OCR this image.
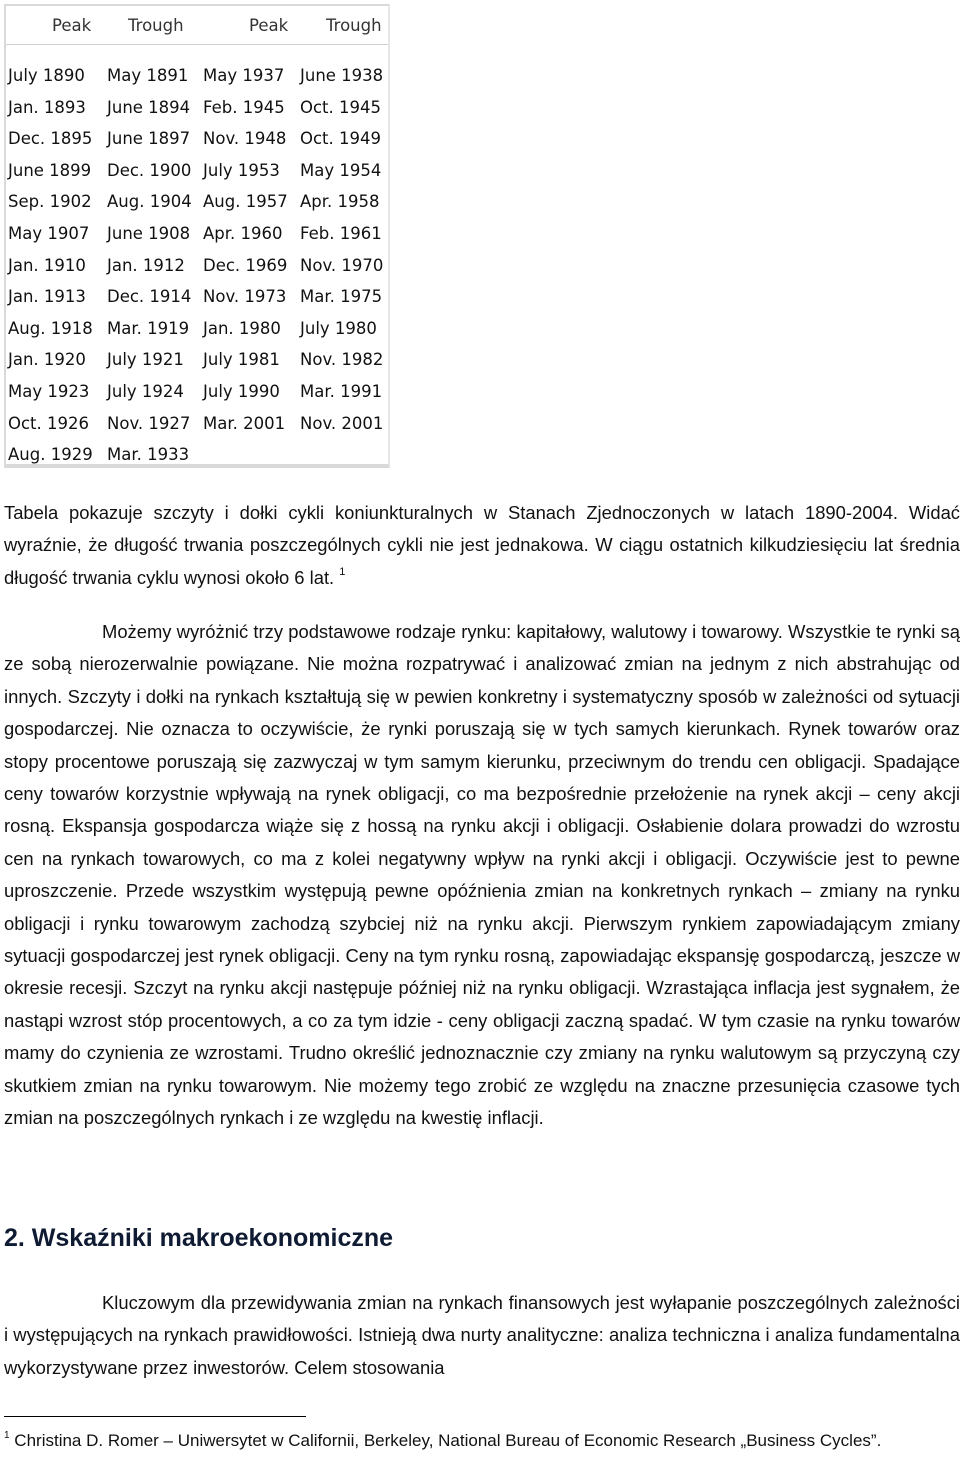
Peak Trough	Peak Trough
July 1890 May 1891 May 1937 June 1938
Jan. 1893 June 1894 Feb. 1945 Oct. 1945
Dec. 1895 June 1897 Nov. 1948 Oct. 1949
June 1899 Dec. 1900 July 1953 May 1954
Sep. 1902 Aug. 1904 Aug. 1957 Apr. 1958
May 1907 June 1908 Apr. 1960 Feb. 1961
Jan. 1910 Jan. 1912 Dec. 1969 Nov. 1970
Jan. 1913 Dec. 1914 Nov. 1973 Mar. 1975
Aug. 1918 Mar. 1919 Jan. 1980 July 1980
Jan. 1920 July 1921 July 1981 Nov. 1982
May 1923 July 1924 July 1990 Mar. 1991
Oct. 1926 Nov. 1927 Mar. 2001 Nov. 2001
Aug. 1929 Mar. 1933
Tabela pokazuje szczyty i dołki cykli koniunkturalnych w Stanach Zjednoczonych w latach 1890-2004. Widać wyraźnie, że długość trwania poszczególnych cykli nie jest jednakowa. W ciągu ostatnich kilkudziesięciu lat średnia długość trwania cyklu wynosi około 6 lat. $^1$
Możemy wyróżnić trzy podstawowe rodzaje rynku: kapitałowy, walutowy i towarowy. Wszystkie te rynki są ze sobą nierozerwalnie powiązane. Nie można rozpatrywać i analizować zmian na jednym z nich abstrahując od innych. Szczyty i dołki na rynkach kształtują się w pewien konkretny i systematyczny sposób w zależności od sytuacji gospodarczej. Nie oznacza to oczywiście, że rynki poruszają się w tych samych kierunkach. Rynek towarów oraz stopy procentowe poruszają się zazwyczaj w tym samym kierunku, przeciwnym do trendu cen obligacji. Spadające ceny towarów korzystnie wpływają na rynek obligacji, co ma bezpośrednie przełożenie na rynek akcji – ceny akcji rosną. Ekspansja gospodarcza wiąże się z hossą na rynku akcji i obligacji. Osłabienie dolara prowadzi do wzrostu cen na rynkach towarowych, co ma z kolei negatywny wpływ na rynki akcji i obligacji. Oczywiście jest to pewne uproszczenie. Przede wszystkim występują pewne opóźnienia zmian na konkretnych rynkach – zmiany na rynku obligacji i rynku towarowym zachodzą szybciej niż na rynku akcji. Pierwszym rynkiem zapowiadającym zmiany sytuacji gospodarczej jest rynek obligacji. Ceny na tym rynku rosną, zapowiadając ekspansję gospodarczą, jeszcze w okresie recesji. Szczyt na rynku akcji następuje później niż na rynku obligacji. Wzrastająca inflacja jest sygnałem, że nastąpi wzrost stóp procentowych, a co za tym idzie - ceny obligacji zaczną spadać. W tym czasie na rynku towarów mamy do czynienia ze wzrostami. Trudno określić jednoznacznie czy zmiany na rynku walutowym są przyczyną czy skutkiem zmian na rynku towarowym. Nie możemy tego zrobić ze względu na znaczne przesunięcia czasowe tych zmian na poszczególnych rynkach i ze względu na kwestię inflacji.
2. Wskaźniki makroekonomiczne
Kluczowym dla przewidywania zmian na rynkach finansowych jest wyłapanie poszczególnych zależności i występujących na rynkach prawidłowości. Istnieją dwa nurty analityczne: analiza techniczna i analiza fundamentalna wykorzystywane przez inwestorów. Celem stosowania
$^1$ Christina D. Romer – Uniwersytet w Californii, Berkeley, National Bureau of Economic Research „Business Cycles”.
